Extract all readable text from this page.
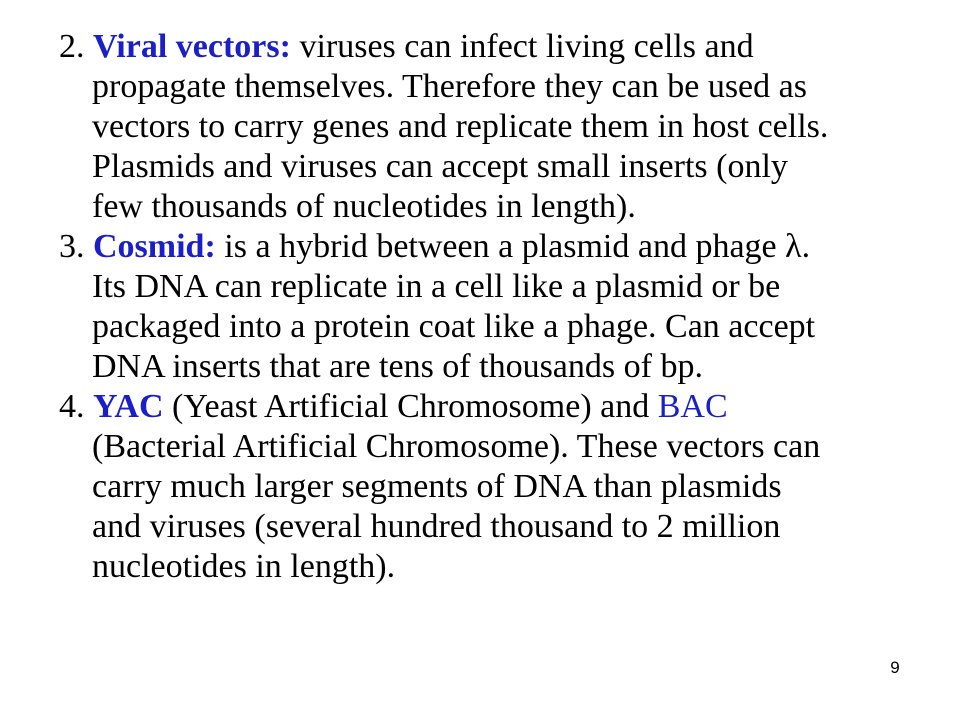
2. Viral vectors: viruses can infect living cells and
propagate themselves. Therefore they can be used as
vectors to carry genes and replicate them in host cells.

Plasmids and viruses can accept small inserts (only
few thousands of nucleotides in length).

3. Cosmid: is a hybrid between a plasmid and phage λ.
Its DNA can replicate in a cell like a plasmid or be
packaged into a protein coat like a phage. Can accept
DNA inserts that are tens of thousands of bp.

4. YAC (Yeast Artificial Chromosome) and BAC
(Bacterial Artificial Chromosome). These vectors can
carry much larger segments of DNA than plasmids
and viruses (several hundred thousand to 2 million
nucleotides in length).

9
